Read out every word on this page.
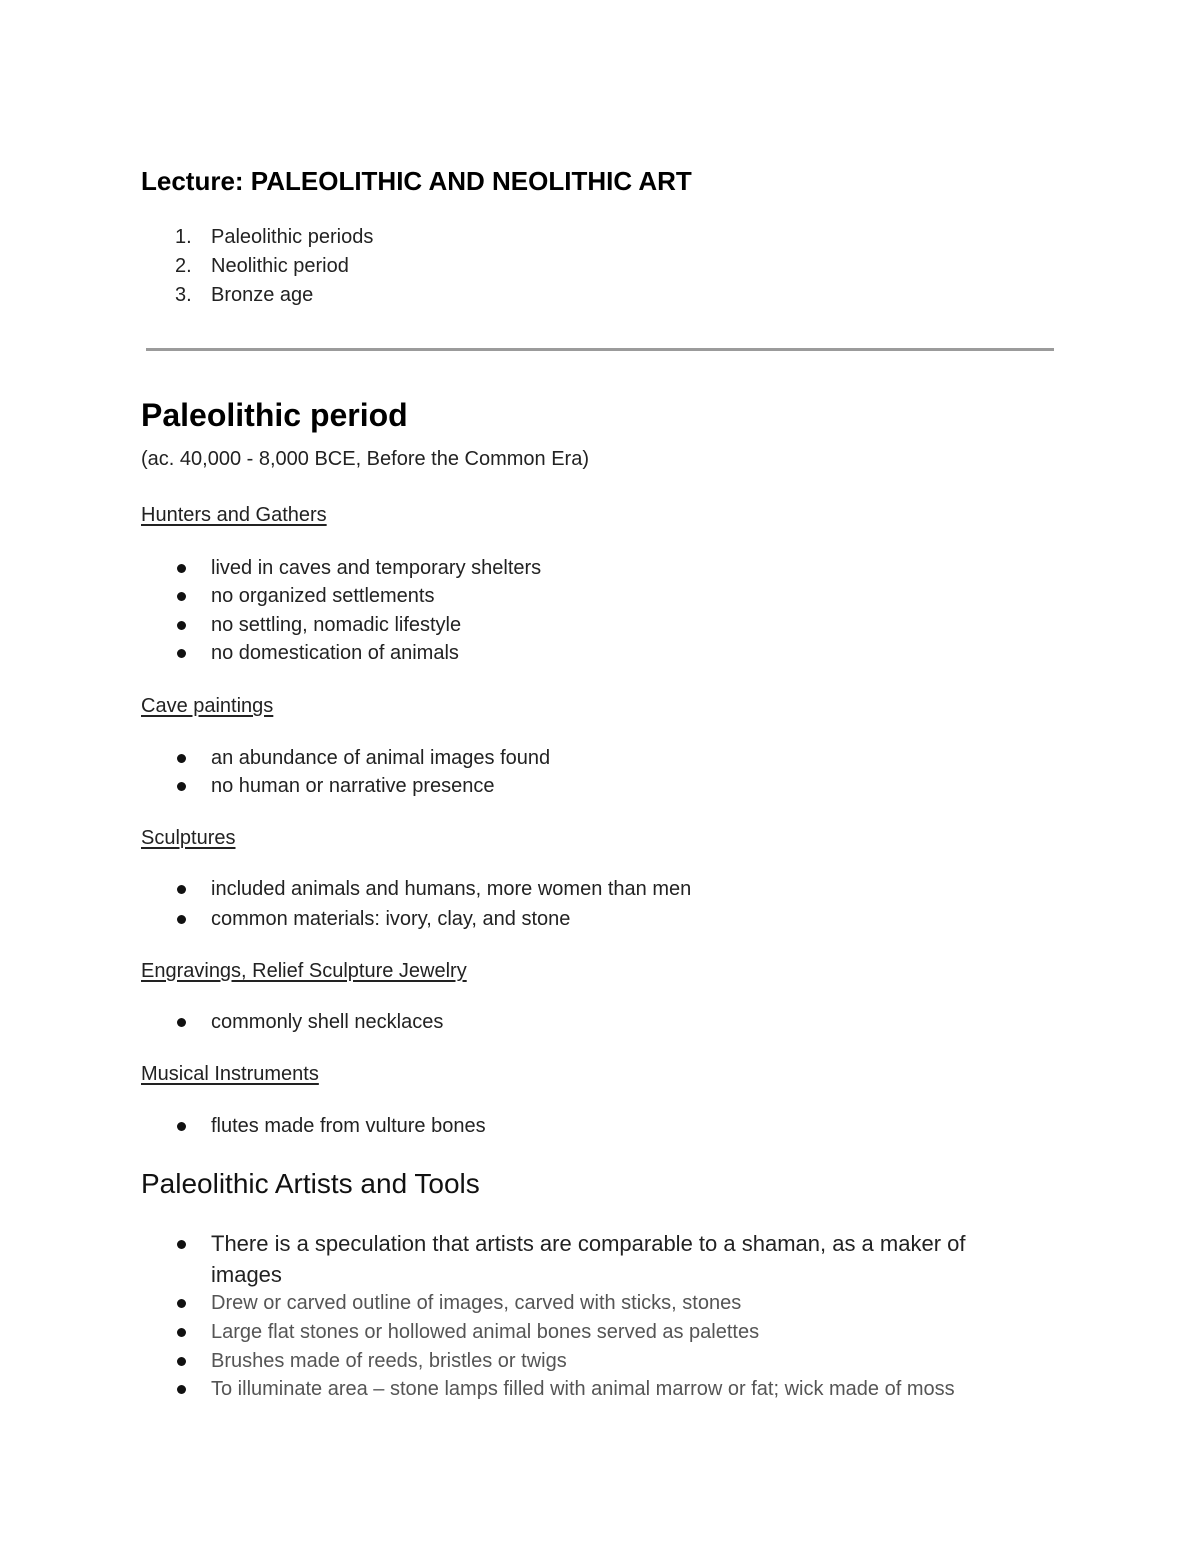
Lecture: PALEOLITHIC AND NEOLITHIC ART
1. Paleolithic periods
2. Neolithic period
3. Bronze age
Paleolithic period
(ac. 40,000 - 8,000 BCE, Before the Common Era)
Hunters and Gathers
lived in caves and temporary shelters
no organized settlements
no settling, nomadic lifestyle
no domestication of animals
Cave paintings
an abundance of animal images found
no human or narrative presence
Sculptures
included animals and humans, more women than men
common materials: ivory, clay, and stone
Engravings, Relief Sculpture Jewelry
commonly shell necklaces
Musical Instruments
flutes made from vulture bones
Paleolithic Artists and Tools
There is a speculation that artists are comparable to a shaman, as a maker of images
Drew or carved outline of images, carved with sticks, stones
Large flat stones or hollowed animal bones served as palettes
Brushes made of reeds, bristles or twigs
To illuminate area – stone lamps filled with animal marrow or fat; wick made of moss
